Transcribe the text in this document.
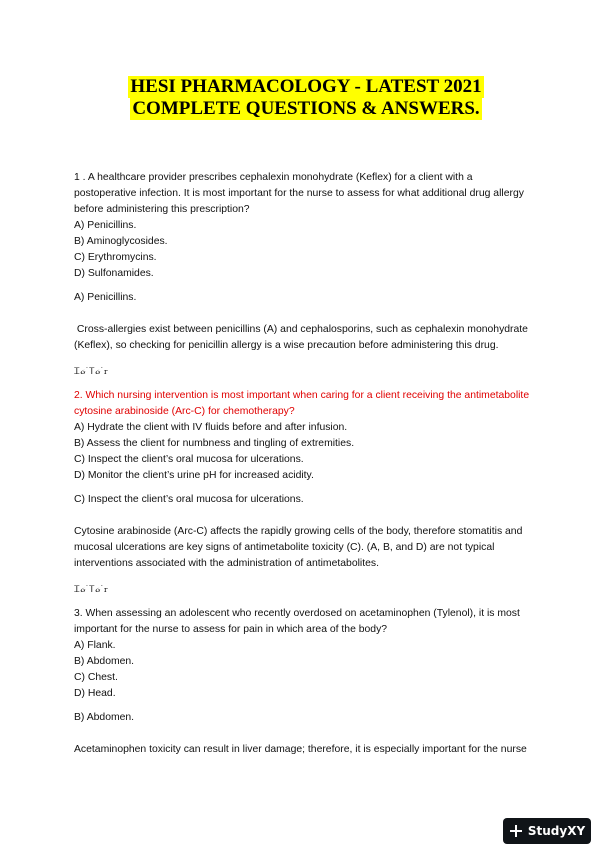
HESI PHARMACOLOGY - LATEST 2021
COMPLETE QUESTIONS & ANSWERS.

1 . A healthcare provider prescribes cephalexin monohydrate (Keflex) for a client with a
postoperative infection. It is most important for the nurse to assess for what additional drug allergy
before administering this prescription?

A) Penicillins.

B) Aminoglycosides.

C) Erythromycins.

D) Sulfonamides.

A) Penicillins.

Cross-allergies exist between penicillins (A) and cephalosporins, such as cephalexin monohydrate
(Keflex), so checking for penicillin allergy is a wise precaution before administering this drug.

Ꮖᏽ˙Ꭲᏽ˙ꮁ

2. Which nursing intervention is most important when caring for a client receiving the antimetabolite
cytosine arabinoside (Arc-C) for chemotherapy?

A) Hydrate the client with IV fluids before and after infusion.

B) Assess the client for numbness and tingling of extremities.

C) Inspect the client’s oral mucosa for ulcerations.

D) Monitor the client’s urine pH for increased acidity.

C) Inspect the client’s oral mucosa for ulcerations.

Cytosine arabinoside (Arc-C) affects the rapidly growing cells of the body, therefore stomatitis and
mucosal ulcerations are key signs of antimetabolite toxicity (C). (A, B, and D) are not typical
interventions associated with the administration of antimetabolites.

Ꮖᏽ˙Ꭲᏽ˙ꮁ

3. When assessing an adolescent who recently overdosed on acetaminophen (Tylenol), it is most
important for the nurse to assess for pain in which area of the body?

A) Flank.

B) Abdomen.

C) Chest.

D) Head.

B) Abdomen.

Acetaminophen toxicity can result in liver damage; therefore, it is especially important for the nurse

StudyXY
